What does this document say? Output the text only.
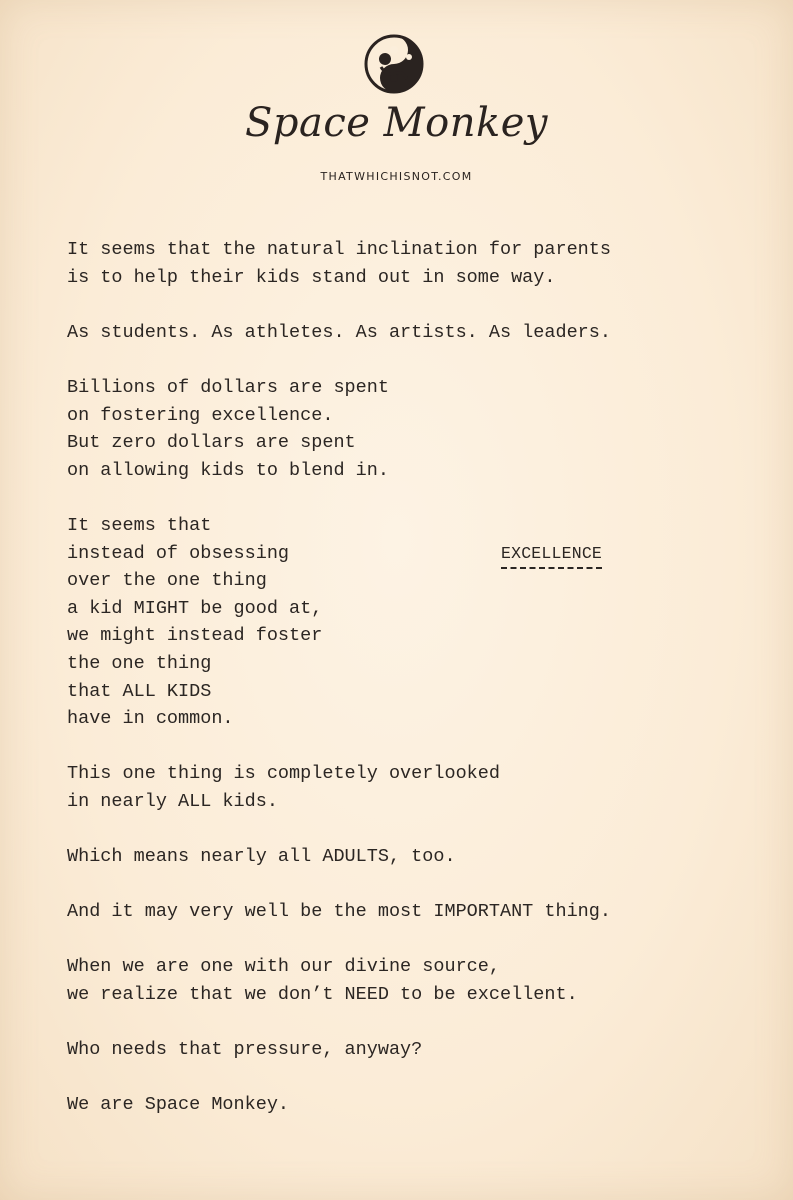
Space Monkey
THATWHICHISNOT.COM
It seems that the natural inclination for parents
is to help their kids stand out in some way.
As students. As athletes. As artists. As leaders.
Billions of dollars are spent
on fostering excellence.
But zero dollars are spent
on allowing kids to blend in.
It seems that
instead of obsessing
over the one thing
a kid MIGHT be good at,
we might instead foster
the one thing
that ALL KIDS
have in common.
This one thing is completely overlooked
in nearly ALL kids.
Which means nearly all ADULTS, too.
And it may very well be the most IMPORTANT thing.
When we are one with our divine source,
we realize that we don’t NEED to be excellent.
Who needs that pressure, anyway?
We are Space Monkey.
EXCELLENCE
